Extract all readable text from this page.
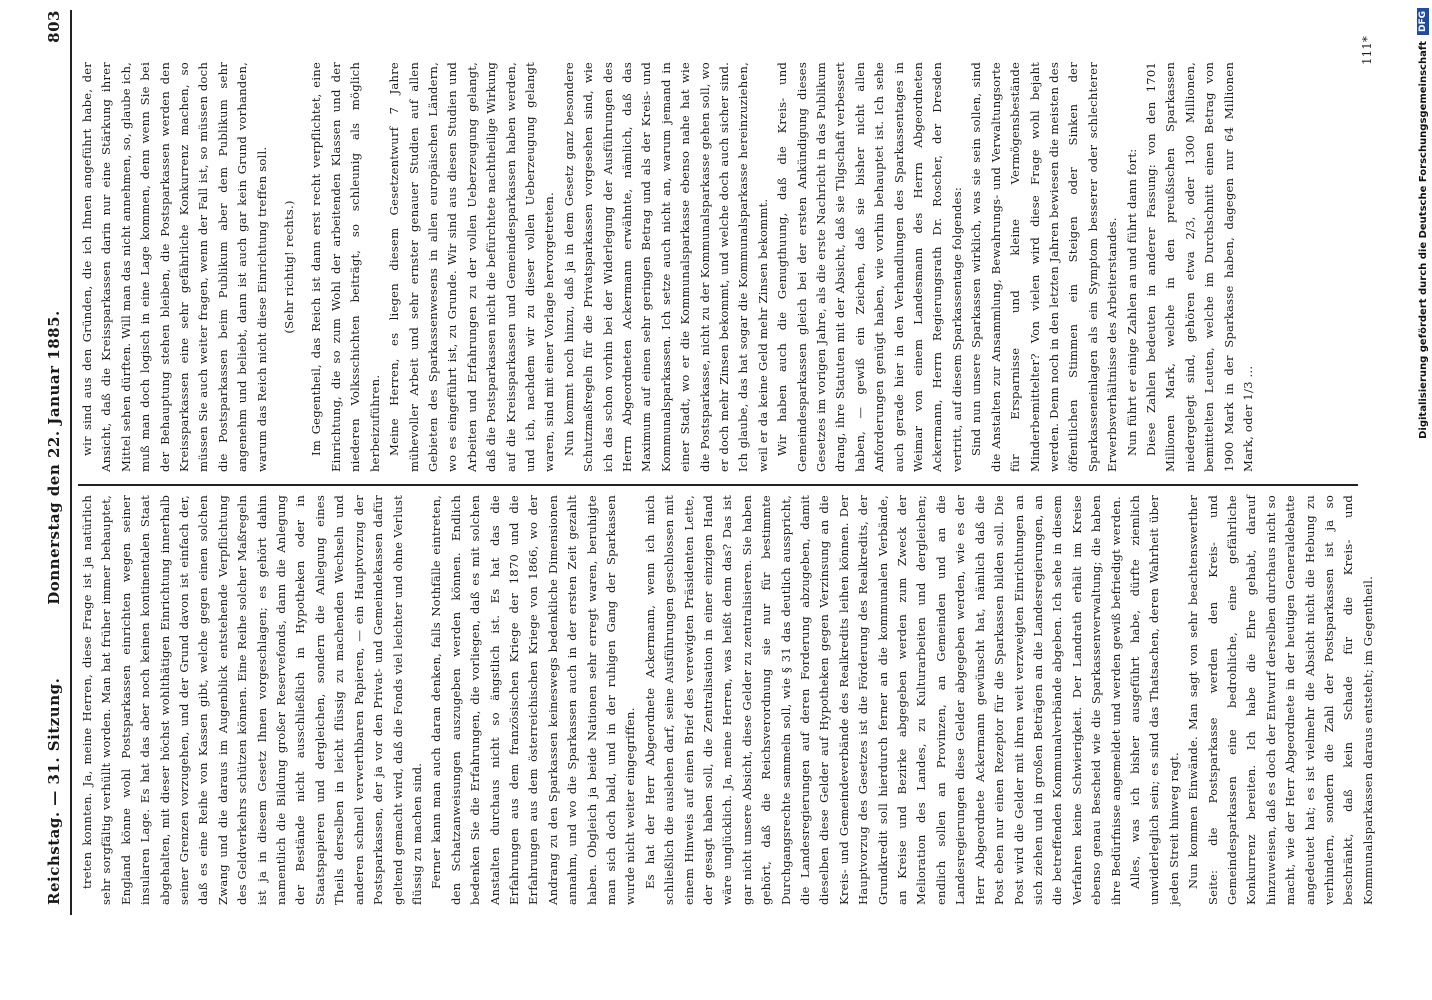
Reichstag. — 31. Sitzung.
Donnerstag den 22. Januar 1885.
803

treten konnten. Ja, meine Herren, diese Frage ist ja natürlich sehr sorgfältig verhüllt worden. Man hat früher immer behauptet, England könne wohl Postsparkassen einrichten wegen seiner insularen Lage. Es hat das aber noch keinen kontinentalen Staat abgehalten, mit dieser höchst wohlthätigen Einrichtung innerhalb seiner Grenzen vorzugehen, und der Grund davon ist einfach der, daß es eine Reihe von Kassen gibt, welche gegen einen solchen Zwang und die daraus im Augenblick entstehende Verpflichtung des Geldverkehrs schützen können. Eine Reihe solcher Maßregeln ist ja in diesem Gesetz Ihnen vorgeschlagen; es gehört dahin namentlich die Bildung großer Reservefonds, dann die Anlegung der Bestände nicht ausschließlich in Hypotheken oder in Staatspapieren und dergleichen, sondern die Anlegung eines Theils derselben in leicht flüssig zu machenden Wechseln und anderen schnell verwerthbaren Papieren, — ein Hauptvorzug der Postsparkassen, der ja vor den Privat- und Gemeindekassen dafür geltend gemacht wird, daß die Fonds viel leichter und ohne Verlust flüssig zu machen sind. Ferner kann man auch daran denken, falls Nothfälle eintreten, den Schatzanweisungen auszugeben werden können. Endlich bedenken Sie die Erfahrungen, die vorliegen, daß es mit solchen Anstalten durchaus nicht so ängstlich ist. Es hat das die Erfahrungen aus dem französischen Kriege der 1870 und die Erfahrungen aus dem österreichischen Kriege von 1866, wo der Andrang zu den Sparkassen keineswegs bedenkliche Dimensionen annahm, und wo die Sparkassen auch in der ersten Zeit gezahlt haben. Obgleich ja beide Nationen sehr erregt waren, beruhigte man sich doch bald, und in der ruhigen Gang der Sparkassen wurde nicht weiter eingegriffen. Es hat der Herr Abgeordnete Ackermann, wenn ich mich schließlich die auslehen darf, seine Ausführungen geschlossen mit einem Hinweis auf einen Brief des verewigten Präsidenten Lette, der gesagt haben soll, die Zentralisation in einer einzigen Hand wäre unglücklich. Ja, meine Herren, was heißt denn das? Das ist gar nicht unsere Absicht, diese Gelder zu zentralisieren. Sie haben gehört, daß die Reichsverordnung sie nur für bestimmte Durchgangsrechte sammeln soll, wie § 31 das deutlich ausspricht, die Landesregierungen auf deren Forderung abzugeben, damit dieselben diese Gelder auf Hypotheken gegen Verzinsung an die Kreis- und Gemeindeverbände des Realkredits leihen können. Der Hauptvorzug des Gesetzes ist die Förderung des Realkredits, der Grundkredit soll hierdurch ferner an die kommunalen Verbände, an Kreise und Bezirke abgegeben werden zum Zweck der Melioration des Landes, zu Kulturarbeiten und dergleichen; endlich sollen an Provinzen, an Gemeinden und an die Landesregierungen diese Gelder abgegeben werden, wie es der Herr Abgeordnete Ackermann gewünscht hat, nämlich daß die Post eben nur einen Rezeptor für die Sparkassen bilden soll. Die Post wird die Gelder mit ihren weit verzweigten Einrichtungen an sich ziehen und in großen Beträgen an die Landesregierungen, an die betreffenden Kommunalverbände abgeben. Ich sehe in diesem Verfahren keine Schwierigkeit. Der Landrath erhält im Kreise ebenso genau Bescheid wie die Sparkassenverwaltung; die haben ihre Bedürfnisse angemeldet und werden gewiß befriedigt werden. Alles, was ich bisher ausgeführt habe, dürfte ziemlich unwiderleglich sein; es sind das Thatsachen, deren Wahrheit über jeden Streit hinweg ragt. Nun kommen Einwände. Man sagt von sehr beachtenswerther Seite: die Postsparkasse werden den Kreis- und Gemeindesparkassen eine bedrohliche, eine gefährliche Konkurrenz bereiten. Ich habe die Ehre gehabt, darauf hinzuweisen, daß es doch der Entwurf derselben durchaus nicht so macht, wie der Herr Abgeordnete in der heutigen Generaldebatte angedeutet hat; es ist vielmehr die Absicht nicht die Hebung zu verhindern, sondern die Zahl der Postsparkassen ist ja so beschränkt, daß kein Schade für die Kreis- und Kommunalsparkassen daraus entsteht; im Gegentheil.

wir sind aus den Gründen, die ich Ihnen angeführt habe, der Ansicht, daß die Kreissparkassen darin nur eine Stärkung ihrer Mittel sehen dürften. Will man das nicht annehmen, so, glaube ich, muß man doch logisch in eine Lage kommen, denn wenn Sie bei der Behauptung stehen bleiben, die Postsparkassen werden den Kreissparkassen eine sehr gefährliche Konkurrenz machen, so müssen Sie auch weiter fragen, wenn der Fall ist, so müssen doch die Postsparkassen beim Publikum aber dem Publikum sehr angenehm und beliebt, dann ist auch gar kein Grund vorhanden, warum das Reich nicht diese Einrichtung treffen soll. (Sehr richtig! rechts.) Im Gegentheil, das Reich ist dann erst recht verpflichtet, eine Einrichtung, die so zum Wohl der arbeitenden Klassen und der niederen Volksschichten beiträgt, so schleunig als möglich herbeizuführen. Meine Herren, es liegen diesem Gesetzentwurf 7 Jahre mühevoller Arbeit und sehr ernster genauer Studien auf allen Gebieten des Sparkassenwesens in allen europäischen Ländern, wo es eingeführt ist, zu Grunde. Wir sind aus diesen Studien und Arbeiten und Erfahrungen zu der vollen Ueberzeugung gelangt, daß die Postsparkassen nicht die befürchtete nachtheilige Wirkung auf die Kreissparkassen und Gemeindesparkassen haben werden, und ich, nachdem wir zu dieser vollen Ueberzeugung gelangt waren, sind mit einer Vorlage hervorgetreten. Nun kommt noch hinzu, daß ja in dem Gesetz ganz besondere Schutzmaßregeln für die Privatsparkassen vorgesehen sind, wie ich das schon vorhin bei der Widerlegung der Ausführungen des Herrn Abgeordneten Ackermann erwähnte, nämlich, daß das Maximum auf einen sehr geringen Betrag und als der Kreis- und Kommunalsparkassen. Ich setze auch nicht an, warum jemand in einer Stadt, wo er die Kommunalsparkasse ebenso nahe hat wie die Postsparkasse, nicht zu der Kommunalsparkasse gehen soll, wo er doch mehr Zinsen bekommt, und welche doch auch sicher sind. Ich glaube, das hat sogar die Kommunalsparkasse hereinzuziehen, weil er da keine Geld mehr Zinsen bekommt. Wir haben auch die Genugthuung, daß die Kreis- und Gemeindesparkassen gleich bei der ersten Ankündigung dieses Gesetzes im vorigen Jahre, als die erste Nachricht in das Publikum drang, ihre Statuten mit der Absicht, daß sie Tilgschaft verbessert haben, — gewiß ein Zeichen, daß sie bisher nicht allen Anforderungen genügt haben, wie vorhin behauptet ist. Ich sehe auch gerade hier in den Verhandlungen des Sparkassentages in Weimar von einem Landesmann des Herrn Abgeordneten Ackermann, Herrn Regierungsrath Dr. Roscher, der Dresden vertritt, auf diesem Sparkassentage folgendes: Sind nun unsere Sparkassen wirklich, was sie sein sollen, sind die Anstalten zur Ansammlung, Bewahrungs- und Verwaltungsorte für Ersparnisse und kleine Vermögensbestände Minderbemittelter? Von vielen wird diese Frage wohl bejaht werden. Denn noch in den letzten Jahren bewiesen die meisten des öffentlichen Stimmen ein Steigen oder Sinken der Sparkasseneinlagen als ein Symptom besserer oder schlechterer Erwerbsverhältnisse des Arbeiterstandes. Nun führt er einige Zahlen an und führt dann fort: Diese Zahlen bedeuten in anderer Fassung: von den 1701 Millionen Mark, welche in den preußischen Sparkassen niedergelegt sind, gehören etwa 2/3, oder 1300 Millionen, bemittelten Leuten, welche im Durchschnitt einen Betrag von 1900 Mark in der Sparkasse haben, dagegen nur 64 Millionen Mark, oder 1/3 ...

111*	Digitalisierung gefördert durch die Deutsche Forschungsgemeinschaft
DFG
